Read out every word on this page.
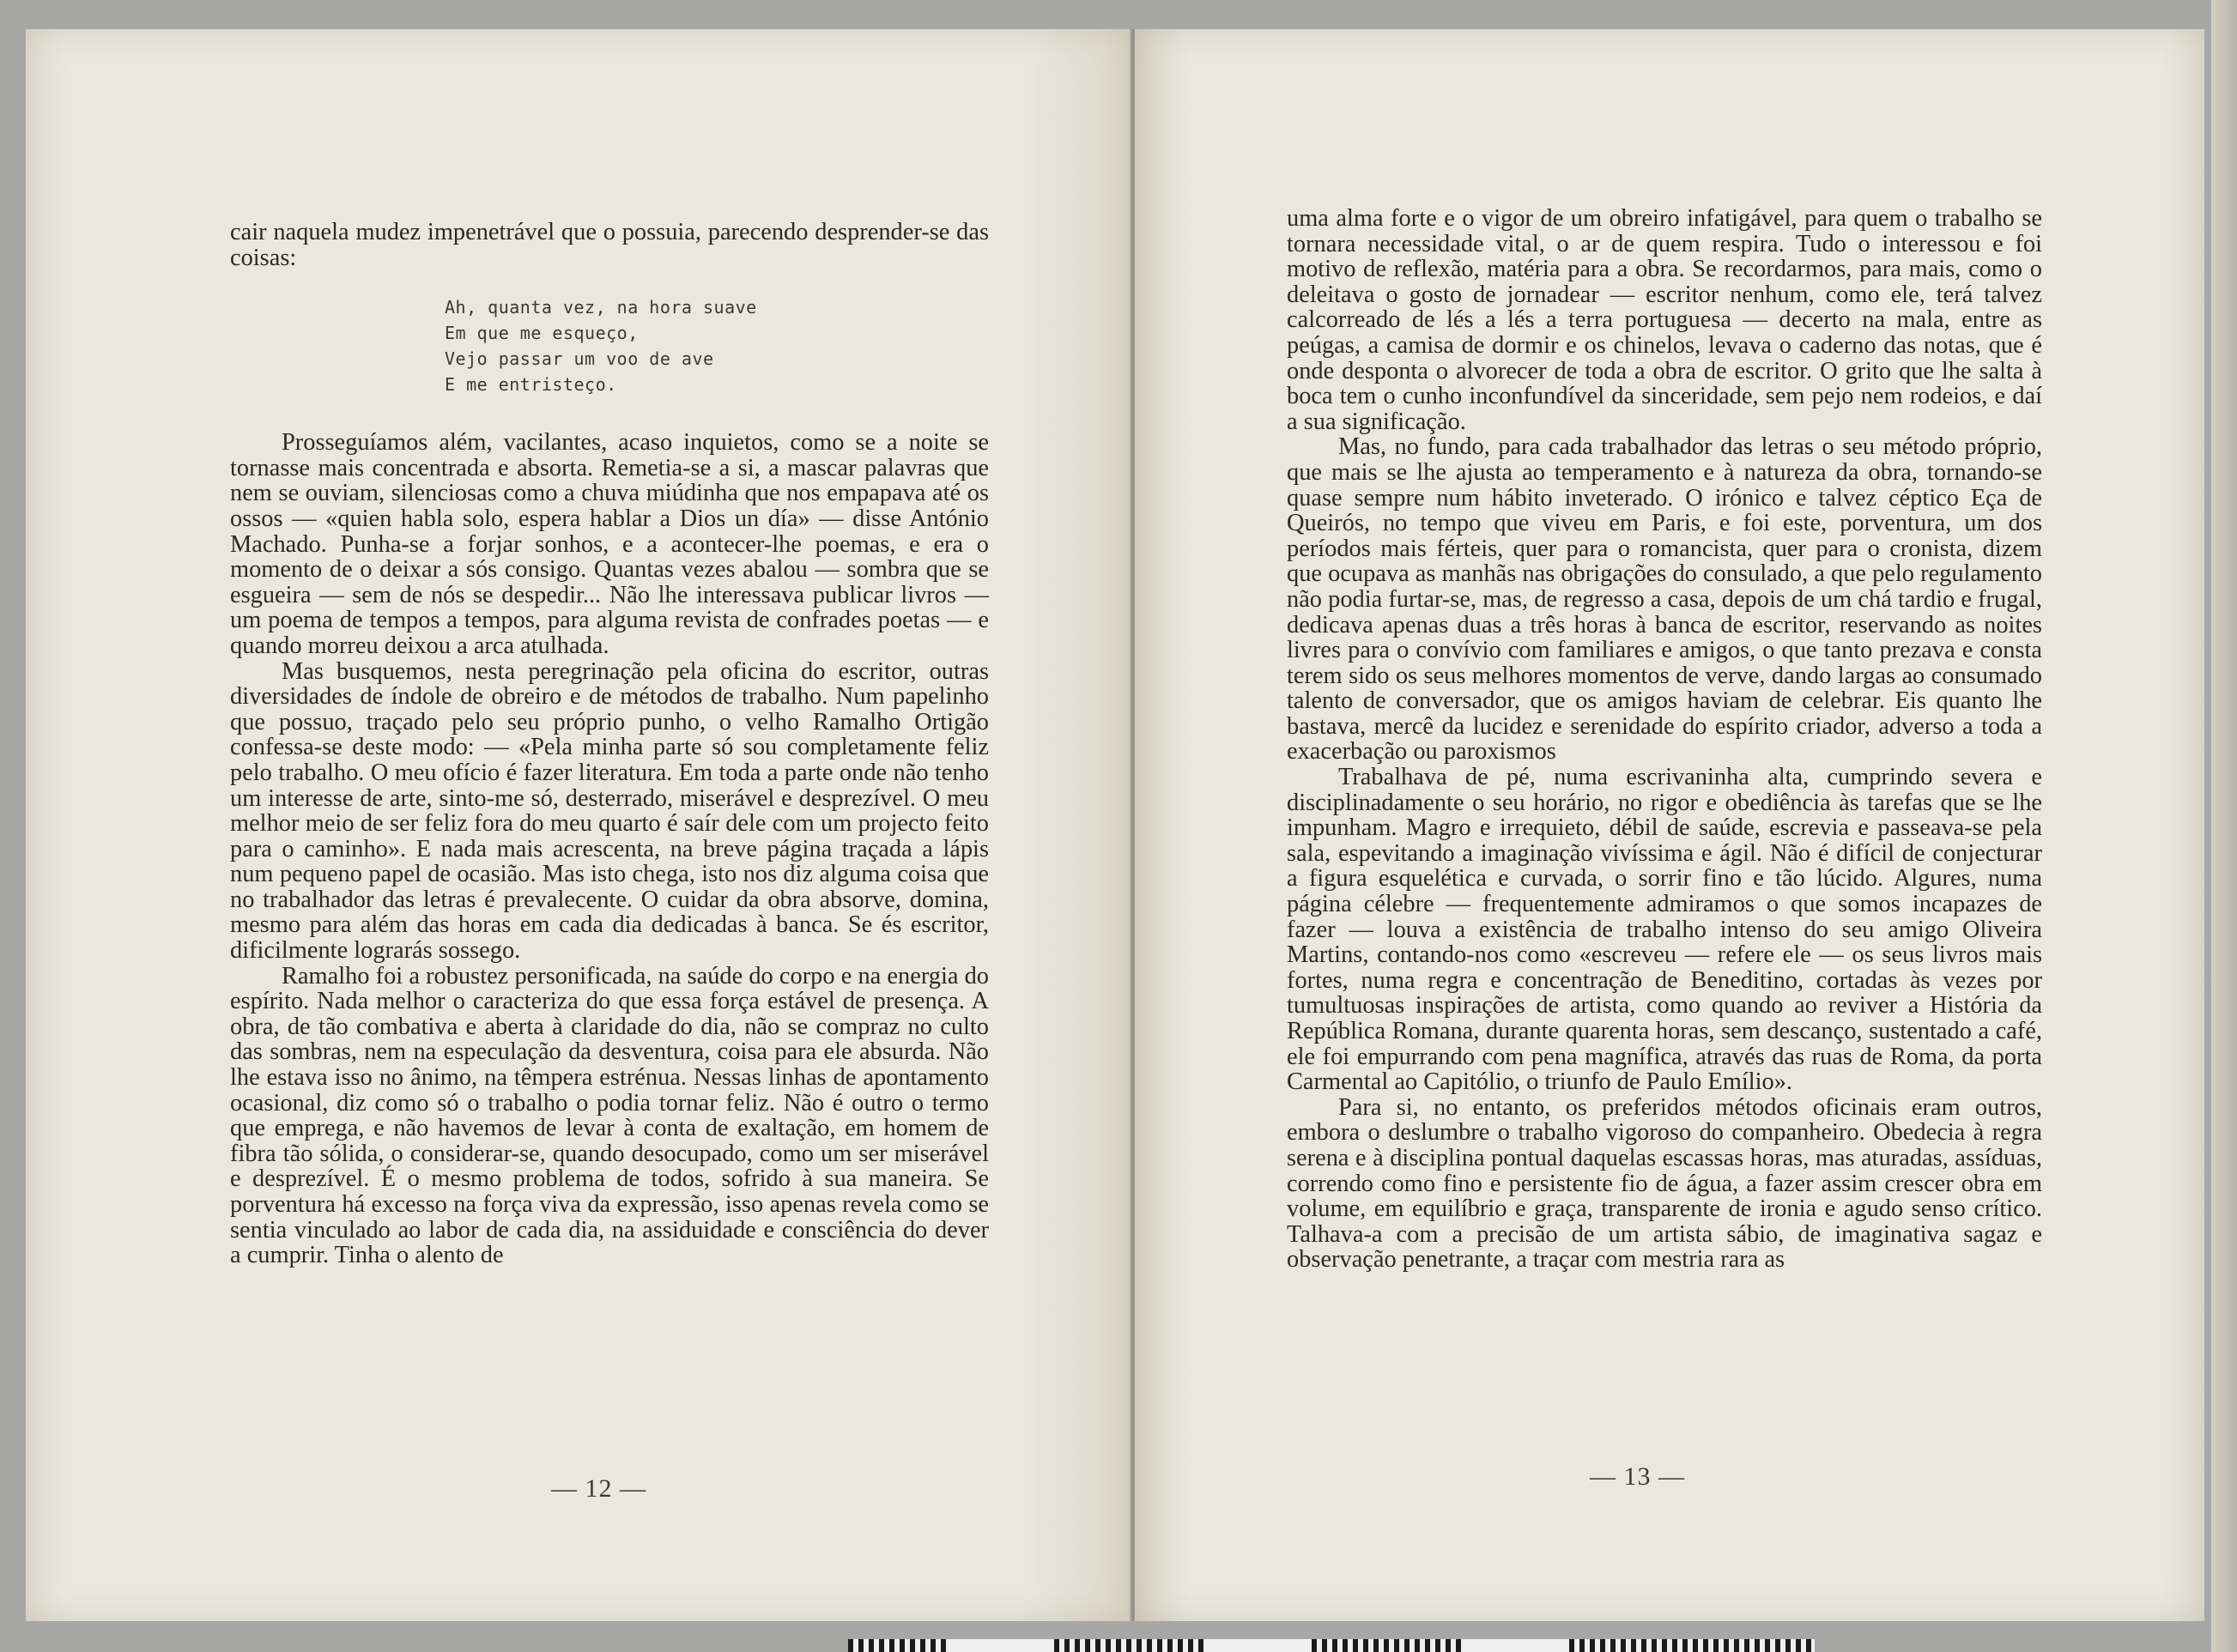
cair naquela mudez impenetrável que o possuia, parecendo desprender-se das coisas:

Ah, quanta vez, na hora suave
Em que me esqueço,
Vejo passar um voo de ave
E me entristeço.

Prosseguíamos além, vacilantes, acaso inquietos, como se a noite se tornasse mais concentrada e absorta. Remetia-se a si, a mascar palavras que nem se ouviam, silenciosas como a chuva miúdinha que nos empapava até os ossos — «quien habla solo, espera hablar a Dios un día» — disse António Machado. Punha-se a forjar sonhos, e a acontecer-lhe poemas, e era o momento de o deixar a sós consigo. Quantas vezes abalou — sombra que se esgueira — sem de nós se despedir... Não lhe interessava publicar livros — um poema de tempos a tempos, para alguma revista de confrades poetas — e quando morreu deixou a arca atulhada.

Mas busquemos, nesta peregrinação pela oficina do escritor, outras diversidades de índole de obreiro e de métodos de trabalho. Num papelinho que possuo, traçado pelo seu próprio punho, o velho Ramalho Ortigão confessa-se deste modo: — «Pela minha parte só sou completamente feliz pelo trabalho. O meu ofício é fazer literatura. Em toda a parte onde não tenho um interesse de arte, sinto-me só, desterrado, miserável e desprezível. O meu melhor meio de ser feliz fora do meu quarto é saír dele com um projecto feito para o caminho». E nada mais acrescenta, na breve página traçada a lápis num pequeno papel de ocasião. Mas isto chega, isto nos diz alguma coisa que no trabalhador das letras é prevalecente. O cuidar da obra absorve, domina, mesmo para além das horas em cada dia dedicadas à banca. Se és escritor, dificilmente lograrás sossego.

Ramalho foi a robustez personificada, na saúde do corpo e na energia do espírito. Nada melhor o caracteriza do que essa força estável de presença. A obra, de tão combativa e aberta à claridade do dia, não se compraz no culto das sombras, nem na especulação da desventura, coisa para ele absurda. Não lhe estava isso no ânimo, na têmpera estrénua. Nessas linhas de apontamento ocasional, diz como só o trabalho o podia tornar feliz. Não é outro o termo que emprega, e não havemos de levar à conta de exaltação, em homem de fibra tão sólida, o considerar-se, quando desocupado, como um ser miserável e desprezível. É o mesmo problema de todos, sofrido à sua maneira. Se porventura há excesso na força viva da expressão, isso apenas revela como se sentia vinculado ao labor de cada dia, na assiduidade e consciência do dever a cumprir. Tinha o alento de

— 12 —

uma alma forte e o vigor de um obreiro infatigável, para quem o trabalho se tornara necessidade vital, o ar de quem respira. Tudo o interessou e foi motivo de reflexão, matéria para a obra. Se recordarmos, para mais, como o deleitava o gosto de jornadear — escritor nenhum, como ele, terá talvez calcorreado de lés a lés a terra portuguesa — decerto na mala, entre as peúgas, a camisa de dormir e os chinelos, levava o caderno das notas, que é onde desponta o alvorecer de toda a obra de escritor. O grito que lhe salta à boca tem o cunho inconfundível da sinceridade, sem pejo nem rodeios, e daí a sua significação.

Mas, no fundo, para cada trabalhador das letras o seu método próprio, que mais se lhe ajusta ao temperamento e à natureza da obra, tornando-se quase sempre num hábito inveterado. O irónico e talvez céptico Eça de Queirós, no tempo que viveu em Paris, e foi este, porventura, um dos períodos mais férteis, quer para o romancista, quer para o cronista, dizem que ocupava as manhãs nas obrigações do consulado, a que pelo regulamento não podia furtar-se, mas, de regresso a casa, depois de um chá tardio e frugal, dedicava apenas duas a três horas à banca de escritor, reservando as noites livres para o convívio com familiares e amigos, o que tanto prezava e consta terem sido os seus melhores momentos de verve, dando largas ao consumado talento de conversador, que os amigos haviam de celebrar. Eis quanto lhe bastava, mercê da lucidez e serenidade do espírito criador, adverso a toda a exacerbação ou paroxismos

Trabalhava de pé, numa escrivaninha alta, cumprindo severa e disciplinadamente o seu horário, no rigor e obediência às tarefas que se lhe impunham. Magro e irrequieto, débil de saúde, escrevia e passeava-se pela sala, espevitando a imaginação vivíssima e ágil. Não é difícil de conjecturar a figura esquelética e curvada, o sorrir fino e tão lúcido. Algures, numa página célebre — frequentemente admiramos o que somos incapazes de fazer — louva a existência de trabalho intenso do seu amigo Oliveira Martins, contando-nos como «escreveu — refere ele — os seus livros mais fortes, numa regra e concentração de Beneditino, cortadas às vezes por tumultuosas inspirações de artista, como quando ao reviver a História da República Romana, durante quarenta horas, sem descanço, sustentado a café, ele foi empurrando com pena magnífica, através das ruas de Roma, da porta Carmental ao Capitólio, o triunfo de Paulo Emílio».

Para si, no entanto, os preferidos métodos oficinais eram outros, embora o deslumbre o trabalho vigoroso do companheiro. Obedecia à regra serena e à disciplina pontual daquelas escassas horas, mas aturadas, assíduas, correndo como fino e persistente fio de água, a fazer assim crescer obra em volume, em equilíbrio e graça, transparente de ironia e agudo senso crítico. Talhava-a com a precisão de um artista sábio, de imaginativa sagaz e observação penetrante, a traçar com mestria rara as

— 13 —
